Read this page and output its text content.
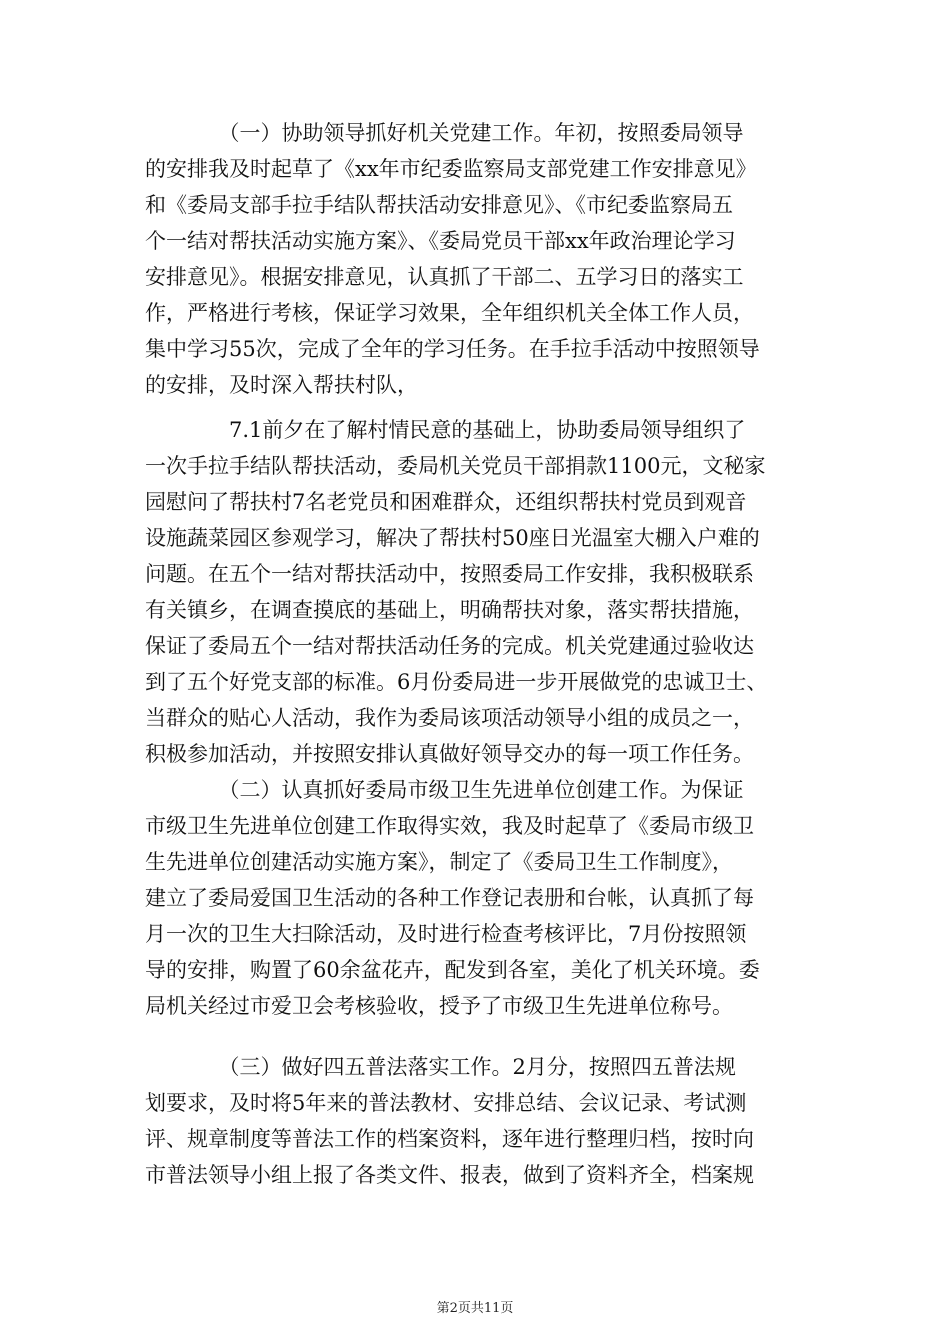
　　　　（一）协助领导抓好机关党建工作。年初，按照委局领导
的安排我及时起草了《xx年市纪委监察局支部党建工作安排意见》
和《委局支部手拉手结队帮扶活动安排意见》、《市纪委监察局五
个一结对帮扶活动实施方案》、《委局党员干部xx年政治理论学习
安排意见》。根据安排意见，认真抓了干部二、五学习日的落实工
作，严格进行考核，保证学习效果，全年组织机关全体工作人员，
集中学习55次，完成了全年的学习任务。在手拉手活动中按照领导
的安排，及时深入帮扶村队，
　　　　7.1前夕在了解村情民意的基础上，协助委局领导组织了
一次手拉手结队帮扶活动，委局机关党员干部捐款1100元，文秘家
园慰问了帮扶村7名老党员和困难群众，还组织帮扶村党员到观音
设施蔬菜园区参观学习，解决了帮扶村50座日光温室大棚入户难的
问题。在五个一结对帮扶活动中，按照委局工作安排，我积极联系
有关镇乡，在调查摸底的基础上，明确帮扶对象，落实帮扶措施，
保证了委局五个一结对帮扶活动任务的完成。机关党建通过验收达
到了五个好党支部的标准。6月份委局进一步开展做党的忠诚卫士、
当群众的贴心人活动，我作为委局该项活动领导小组的成员之一，
积极参加活动，并按照安排认真做好领导交办的每一项工作任务。
　　　　（二）认真抓好委局市级卫生先进单位创建工作。为保证
市级卫生先进单位创建工作取得实效，我及时起草了《委局市级卫
生先进单位创建活动实施方案》，制定了《委局卫生工作制度》，
建立了委局爱国卫生活动的各种工作登记表册和台帐，认真抓了每
月一次的卫生大扫除活动，及时进行检查考核评比，7月份按照领
导的安排，购置了60余盆花卉，配发到各室，美化了机关环境。委
局机关经过市爱卫会考核验收，授予了市级卫生先进单位称号。
　　　　（三）做好四五普法落实工作。2月分，按照四五普法规
划要求，及时将5年来的普法教材、安排总结、会议记录、考试测
评、规章制度等普法工作的档案资料，逐年进行整理归档，按时向
市普法领导小组上报了各类文件、报表，做到了资料齐全，档案规
第2页共11页
